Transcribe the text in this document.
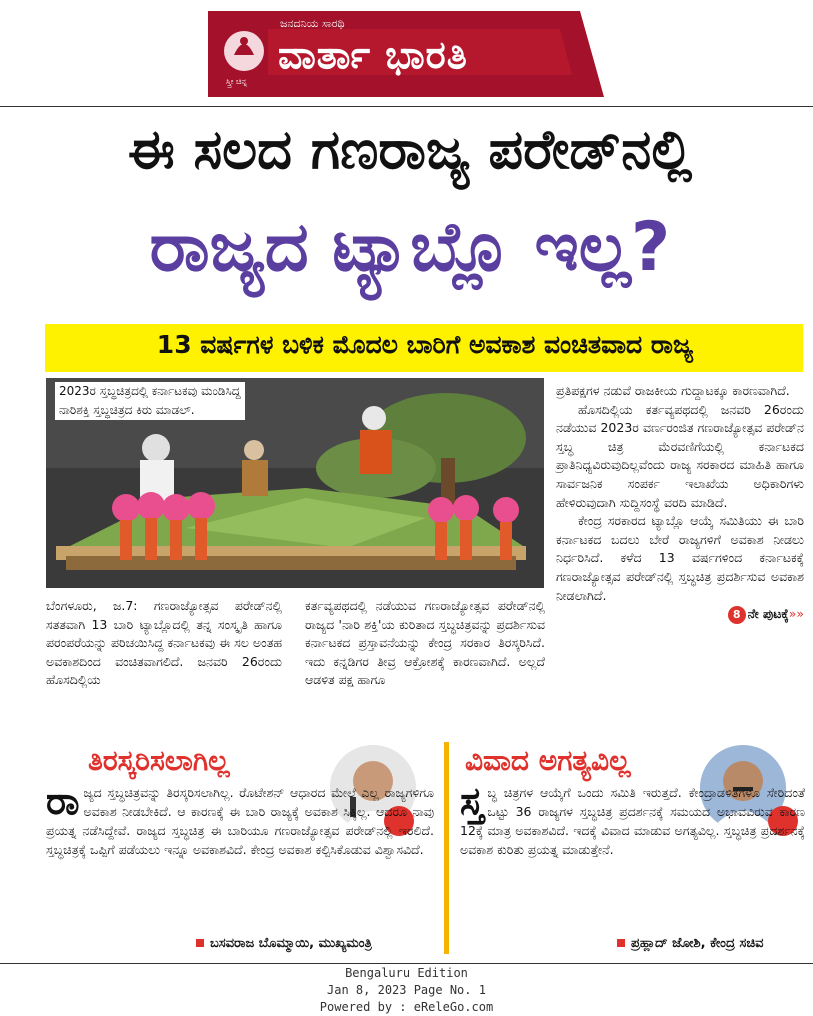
ಜನದನಿಯ ಸಾರಥಿ
ವಾರ್ತಾ ಭಾರತಿ
ಸ್ತ್ರೀ ಚಿನ್ನ
ಈ ಸಲದ ಗಣರಾಜ್ಯ ಪರೇಡ್‌ನಲ್ಲಿ
ರಾಜ್ಯದ ಟ್ಯಾಬ್ಲೊ ಇಲ್ಲ?
13 ವರ್ಷಗಳ ಬಳಿಕ ಮೊದಲ ಬಾರಿಗೆ ಅವಕಾಶ ವಂಚಿತವಾದ ರಾಜ್ಯ
2023ರ ಸ್ತಬ್ಧಚಿತ್ರದಲ್ಲಿ ಕರ್ನಾಟಕವು ಮಂಡಿಸಿದ್ದ
ನಾರಿಶಕ್ತಿ ಸ್ತಬ್ಧಚಿತ್ರದ ಕಿರು ಮಾಡಲ್.
ಬೆಂಗಳೂರು, ಜ.7: ಗಣರಾಜ್ಯೋತ್ಸವ ಪರೇಡ್‌ನಲ್ಲಿ ಸತತವಾಗಿ 13 ಬಾರಿ ಟ್ಯಾಬ್ಲೊದಲ್ಲಿ ತನ್ನ ಸಂಸ್ಕೃತಿ ಹಾಗೂ ಪರಂಪರೆಯನ್ನು ಪರಿಚಯಿಸಿದ್ದ ಕರ್ನಾಟಕವು ಈ ಸಲ ಅಂತಹ ಅವಕಾಶದಿಂದ ವಂಚಿತವಾಗಲಿದೆ. ಜನವರಿ 26ರಂದು ಹೊಸದಿಲ್ಲಿಯ
ಕರ್ತವ್ಯಪಥದಲ್ಲಿ ನಡೆಯುವ ಗಣರಾಜ್ಯೋತ್ಸವ ಪರೇಡ್‌ನಲ್ಲಿ ರಾಜ್ಯದ 'ನಾರಿ ಶಕ್ತಿ'ಯ ಕುರಿತಾದ ಸ್ತಬ್ಧಚಿತ್ರವನ್ನು ಪ್ರದರ್ಶಿಸುವ ಕರ್ನಾಟಕದ ಪ್ರಸ್ತಾವನೆಯನ್ನು ಕೇಂದ್ರ ಸರಕಾರ ತಿರಸ್ಕರಿಸಿದೆ. ಇದು ಕನ್ನಡಿಗರ ತೀವ್ರ ಆಕ್ರೋಶಕ್ಕೆ ಕಾರಣವಾಗಿದೆ. ಅಲ್ಲದೆ ಆಡಳಿತ ಪಕ್ಷ ಹಾಗೂ
ಪ್ರತಿಪಕ್ಷಗಳ ನಡುವೆ ರಾಜಕೀಯ ಗುದ್ದಾಟಕ್ಕೂ ಕಾರಣವಾಗಿದೆ.
ಹೊಸದಿಲ್ಲಿಯ ಕರ್ತವ್ಯಪಥದಲ್ಲಿ ಜನವರಿ 26ರಂದು ನಡೆಯುವ 2023ರ ವರ್ಣರಂಜಿತ ಗಣರಾಜ್ಯೋತ್ಸವ ಪರೇಡ್‌ನ ಸ್ತಬ್ಧ ಚಿತ್ರ ಮೆರವಣಿಗೆಯಲ್ಲಿ ಕರ್ನಾಟಕದ ಪ್ರಾತಿನಿಧ್ಯವಿರುವುದಿಲ್ಲವೆಂದು ರಾಜ್ಯ ಸರಕಾರದ ಮಾಹಿತಿ ಹಾಗೂ ಸಾರ್ವಜನಿಕ ಸಂಪರ್ಕ ಇಲಾಖೆಯ ಅಧಿಕಾರಿಗಳು ಹೇಳಿರುವುದಾಗಿ ಸುದ್ದಿಸಂಸ್ಥೆ ವರದಿ ಮಾಡಿದೆ.
ಕೇಂದ್ರ ಸರಕಾರದ ಟ್ಯಾಬ್ಲೊ ಆಯ್ಕೆ ಸಮಿತಿಯು ಈ ಬಾರಿ ಕರ್ನಾಟಕದ ಬದಲು ಬೇರೆ ರಾಜ್ಯಗಳಿಗೆ ಅವಕಾಶ ನೀಡಲು ನಿರ್ಧರಿಸಿದೆ. ಕಳೆದ 13 ವರ್ಷಗಳಿಂದ ಕರ್ನಾಟಕಕ್ಕೆ ಗಣರಾಜ್ಯೋತ್ಸವ ಪರೇಡ್‌ನಲ್ಲಿ ಸ್ತಬ್ಧಚಿತ್ರ ಪ್ರದರ್ಶಿಸುವ ಅವಕಾಶ ನೀಡಲಾಗಿದೆ.
8 ನೇ ಪುಟಕ್ಕೆ»»
ತಿರಸ್ಕರಿಸಲಾಗಿಲ್ಲ	ವಿವಾದ ಅಗತ್ಯವಿಲ್ಲ
ರಾ ಜ್ಯದ ಸ್ತಬ್ಧಚಿತ್ರವನ್ನು ತಿರಸ್ಕರಿಸಲಾಗಿಲ್ಲ. ರೊಟೇಶನ್ ಆಧಾರದ ಮೇಲೆ ಎಲ್ಲ ರಾಜ್ಯಗಳಿಗೂ ಅವಕಾಶ ನೀಡಬೇಕಿದೆ. ಆ ಕಾರಣಕ್ಕೆ ಈ ಬಾರಿ ರಾಜ್ಯಕ್ಕೆ ಅವಕಾಶ ಸಿಕ್ಕಿಲ್ಲ. ಆದರೂ ನಾವು ಪ್ರಯತ್ನ ನಡೆಸಿದ್ದೇವೆ. ರಾಜ್ಯದ ಸ್ತಬ್ಧಚಿತ್ರ ಈ ಬಾರಿಯೂ ಗಣರಾಜ್ಯೋತ್ಸವ ಪರೇಡ್‌ನಲ್ಲಿ ಇರಲಿದೆ. ಸ್ತಬ್ಧಚಿತ್ರಕ್ಕೆ ಒಪ್ಪಿಗೆ ಪಡೆಯಲು ಇನ್ನೂ ಅವಕಾಶವಿದೆ. ಕೇಂದ್ರ ಅವಕಾಶ ಕಲ್ಪಿಸಿಕೊಡುವ ವಿಶ್ವಾಸವಿದೆ.
ಸ್ತ ಬ್ಧ ಚಿತ್ರಗಳ ಆಯ್ಕೆಗೆ ಒಂದು ಸಮಿತಿ ಇರುತ್ತದೆ. ಕೇಂದ್ರಾಡಳಿತಗಳೂ ಸೇರಿದಂತೆ ಒಟ್ಟು 36 ರಾಜ್ಯಗಳ ಸ್ತಬ್ಧಚಿತ್ರ ಪ್ರದರ್ಶನಕ್ಕೆ ಸಮಯದ ಅಭಾವವಿರುವ ಕಾರಣ 12ಕ್ಕೆ ಮಾತ್ರ ಅವಕಾಶವಿದೆ. ಇದಕ್ಕೆ ವಿವಾದ ಮಾಡುವ ಅಗತ್ಯವಿಲ್ಲ. ಸ್ತಬ್ಧಚಿತ್ರ ಪ್ರದರ್ಶನಕ್ಕೆ ಅವಕಾಶ ಕುರಿತು ಪ್ರಯತ್ನ ಮಾಡುತ್ತೇನೆ.
ಬಸವರಾಜ ಬೊಮ್ಮಾಯಿ, ಮುಖ್ಯಮಂತ್ರಿ	ಪ್ರಹ್ಲಾದ್ ಜೋಶಿ, ಕೇಂದ್ರ ಸಚಿವ
Bengaluru Edition
Jan 8, 2023 Page No. 1
Powered by : eReleGo.com
